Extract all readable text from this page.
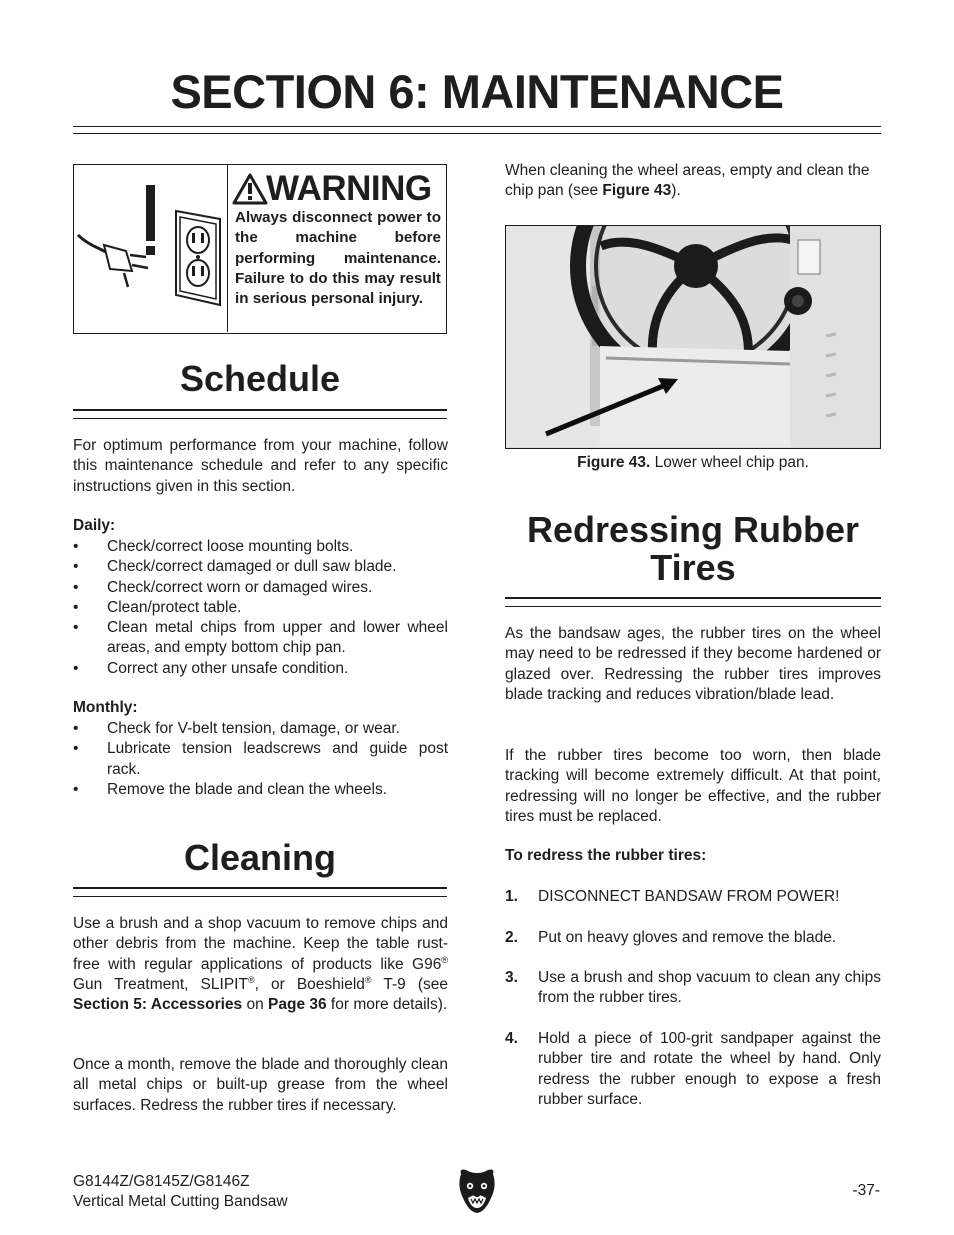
SECTION 6: MAINTENANCE
WARNING

Always disconnect power to the machine before performing maintenance. Failure to do this may result in serious personal injury.

Schedule

For optimum performance from your machine, follow this maintenance schedule and refer to any specific instructions given in this section.

Daily:

• Check/correct loose mounting bolts.
• Check/correct damaged or dull saw blade.
• Check/correct worn or damaged wires.
• Clean/protect table.
• Clean metal chips from upper and lower wheel areas, and empty bottom chip pan.
• Correct any other unsafe condition.

Monthly:

• Check for V-belt tension, damage, or wear.
• Lubricate tension leadscrews and guide post rack.
• Remove the blade and clean the wheels.
Cleaning

Use a brush and a shop vacuum to remove chips and other debris from the machine. Keep the table rust-free with regular applications of products like G96® Gun Treatment, SLIPIT®, or Boeshield® T-9 (see Section 5: Accessories on Page 36 for more details).

Once a month, remove the blade and thoroughly clean all metal chips or built-up grease from the wheel surfaces. Redress the rubber tires if necessary.

When cleaning the wheel areas, empty and clean the chip pan (see Figure 43).

Figure 43. Lower wheel chip pan.

Redressing Rubber
Tires

As the bandsaw ages, the rubber tires on the wheel may need to be redressed if they become hardened or glazed over. Redressing the rubber tires improves blade tracking and reduces vibration/blade lead.

If the rubber tires become too worn, then blade tracking will become extremely difficult. At that point, redressing will no longer be effective, and the rubber tires must be replaced.

To redress the rubber tires:

1. DISCONNECT BANDSAW FROM POWER!
2. Put on heavy gloves and remove the blade.
3. Use a brush and shop vacuum to clean any chips from the rubber tires.
4. Hold a piece of 100-grit sandpaper against the rubber tire and rotate the wheel by hand. Only redress the rubber enough to expose a fresh rubber surface.
G8144Z/G8145Z/G8146Z
Vertical Metal Cutting Bandsaw
-37-
